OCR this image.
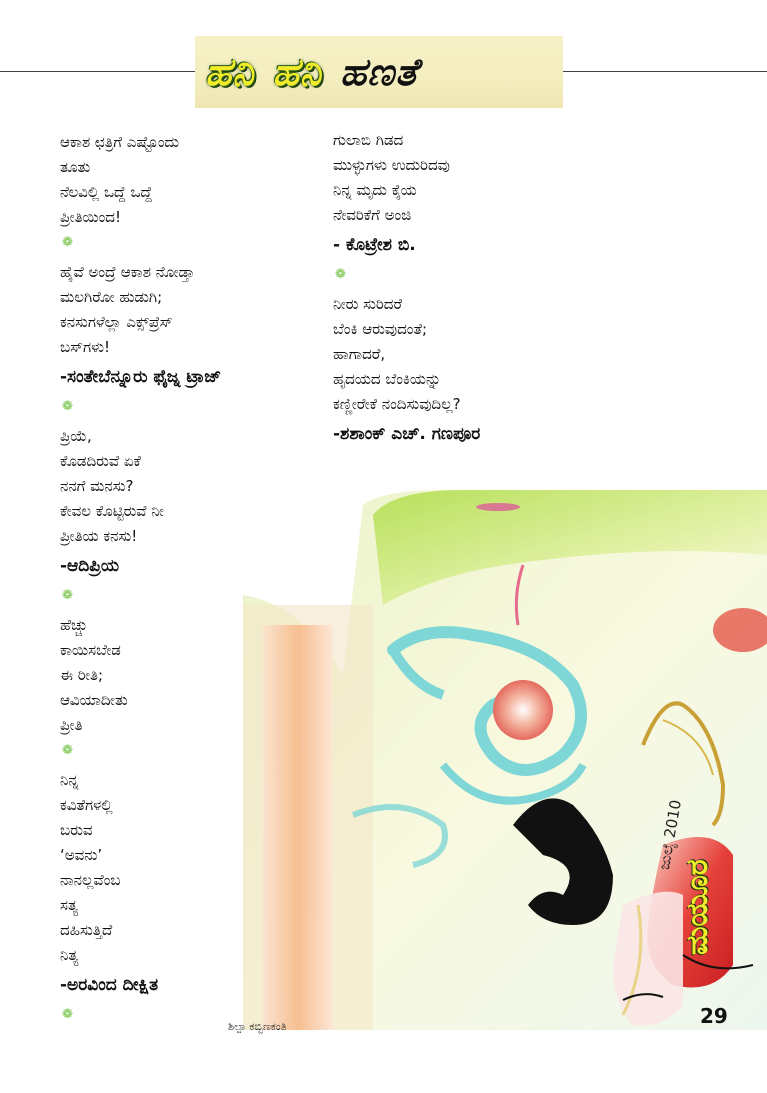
ಹನಿ ಹನಿ ಹಣತೆ
ಆಕಾಶ ಛತ್ರಿಗೆ ಎಷ್ಟೊಂದು
ತೂತು
ನೆಲವಿಲ್ಲಿ ಒದ್ದೆ ಒದ್ದೆ
ಪ್ರೀತಿಯಿಂದ!
❁
ಹೈವೆ ಅಂದ್ರೆ ಆಕಾಶ ನೋಡ್ತಾ
ಮಲಗಿರೋ ಹುಡುಗಿ;
ಕನಸುಗಳೆಲ್ಲಾ ಎಕ್ಸ್‌ಪ್ರೆಸ್
ಬಸ್‌ಗಳು!
-ಸಂತೇಬೆನ್ನೂರು ಫೈಜ್ನ ಟ್ರಾಜ್
❁
ಪ್ರಿಯೆ,
ಕೊಡದಿರುವೆ ಏಕೆ
ನನಗೆ ಮನಸು?
ಕೇವಲ ಕೊಟ್ಟಿರುವೆ ನೀ
ಪ್ರೀತಿಯ ಕನಸು!
-ಆದಿಪ್ರಿಯ
❁
ಹೆಚ್ಚು
ಕಾಯಿಸಬೇಡ
ಈ ರೀತಿ;
ಆವಿಯಾದೀತು
ಪ್ರೀತಿ
❁
ನಿನ್ನ
ಕವಿತೆಗಳಲ್ಲಿ
ಬರುವ
‘ಅವನು’
ನಾನಲ್ಲವೆಂಬ
ಸತ್ಯ
ದಹಿಸುತ್ತಿದೆ
ನಿತ್ಯ
-ಅರವಿಂದ ದೀಕ್ಷಿತ
❁
ಗುಲಾಬಿ ಗಿಡದ
ಮುಳ್ಳುಗಳು ಉದುರಿದವು
ನಿನ್ನ ಮೃದು ಕೈಯ
ನೇವರಿಕೆಗೆ ಅಂಜಿ
- ಕೊಟ್ರೇಶ ಬಿ.
❁
ನೀರು ಸುರಿದರೆ
ಬೆಂಕಿ ಆರುವುದಂತೆ;
ಹಾಗಾದರೆ,
ಹೃದಯದ ಬೆಂಕಿಯನ್ನು
ಕಣ್ಣೀರೇಕೆ ನಂದಿಸುವುದಿಲ್ಲ?
-ಶಶಾಂಕ್ ಎಚ್. ಗಣಪೂರ
ಜುಲೈ 2010
ಮಯೂರ
29
ಶಿಲ್ಪಾ ಕಬ್ಬಿಣಕಂತಿ
